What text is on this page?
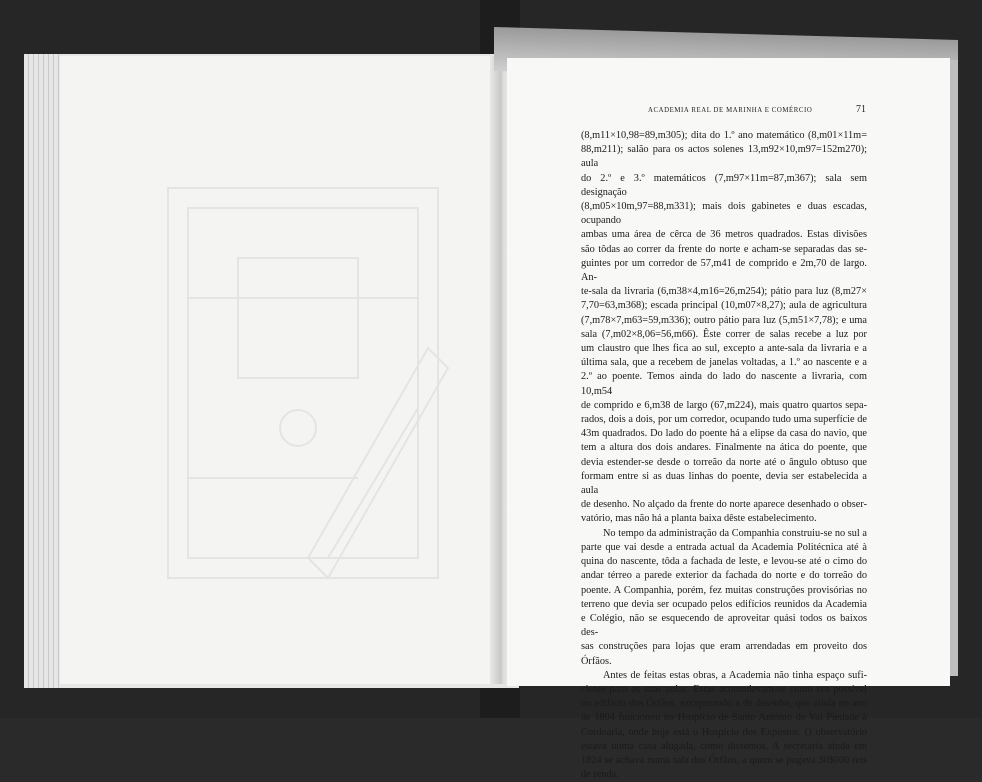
ACADEMIA REAL DE MARINHA E COMÉRCIO	71

(8,m11×10,98=89,m305); dita do 1.º ano matemático (8,m01×11m=

88,m211); salão para os actos solenes 13,m92×10,m97=152m270); aula

do 2.º e 3.º matemáticos (7,m97×11m=87,m367); sala sem designação

(8,m05×10m,97=88,m331); mais dois gabinetes e duas escadas, ocupando

ambas uma área de cêrca de 36 metros quadrados. Estas divisões

são tôdas ao correr da frente do norte e acham-se separadas das se-

guintes por um corredor de 57,m41 de comprido e 2m,70 de largo. An-

te-sala da livraria (6,m38×4,m16=26,m254); pátio para luz (8,m27×

7,70=63,m368); escada principal (10,m07×8,27); aula de agricultura

(7,m78×7,m63=59,m336); outro pátio para luz (5,m51×7,78); e uma

sala (7,m02×8,06=56,m66). Êste correr de salas recebe a luz por

um claustro que lhes fica ao sul, excepto a ante-sala da livraria e a

última sala, que a recebem de janelas voltadas, a 1.º ao nascente e a

2.º ao poente. Temos ainda do lado do nascente a livraria, com 10,m54

de comprido e 6,m38 de largo (67,m224), mais quatro quartos sepa-

rados, dois a dois, por um corredor, ocupando tudo uma superfície de

43m quadrados. Do lado do poente há a elipse da casa do navio, que

tem a altura dos dois andares. Finalmente na ática do poente, que

devia estender-se desde o torreão da norte até o ângulo obtuso que

formam entre si as duas linhas do poente, devia ser estabelecida a aula

de desenho. No alçado da frente do norte aparece desenhado o obser-

vatório, mas não há a planta baixa dêste estabelecimento.

No tempo da administração da Companhia construiu-se no sul a

parte que vai desde a entrada actual da Academia Politécnica até à

quina do nascente, tôda a fachada de leste, e levou-se até o cimo do

andar térreo a parede exterior da fachada do norte e do torreão do

poente. A Companhia, porém, fez muitas construções provisórias no

terreno que devia ser ocupado pelos edifícios reunidos da Academia

e Colégio, não se esquecendo de aproveitar quási todos os baixos des-

sas construções para lojas que eram arrendadas em proveito dos Órfãos.

Antes de feitas estas obras, a Academia não tinha espaço sufi-

ciente para as suas aulas. Estas acomodavam-se como era possível

no edifício dos Órfãos, exceptuando a de desenho, que ainda no ano

de 1804 funcionou no Hospício de Santo António de Val Piedade à

Cordoaria, onde hoje está o Hospício dos Expostos. O observatório

estava numa casa alugada, como dissemos. A secretaria ainda em

1824 se achava numa sala dos Órfãos, a quem se pagava 30$000 reis

de renda.
